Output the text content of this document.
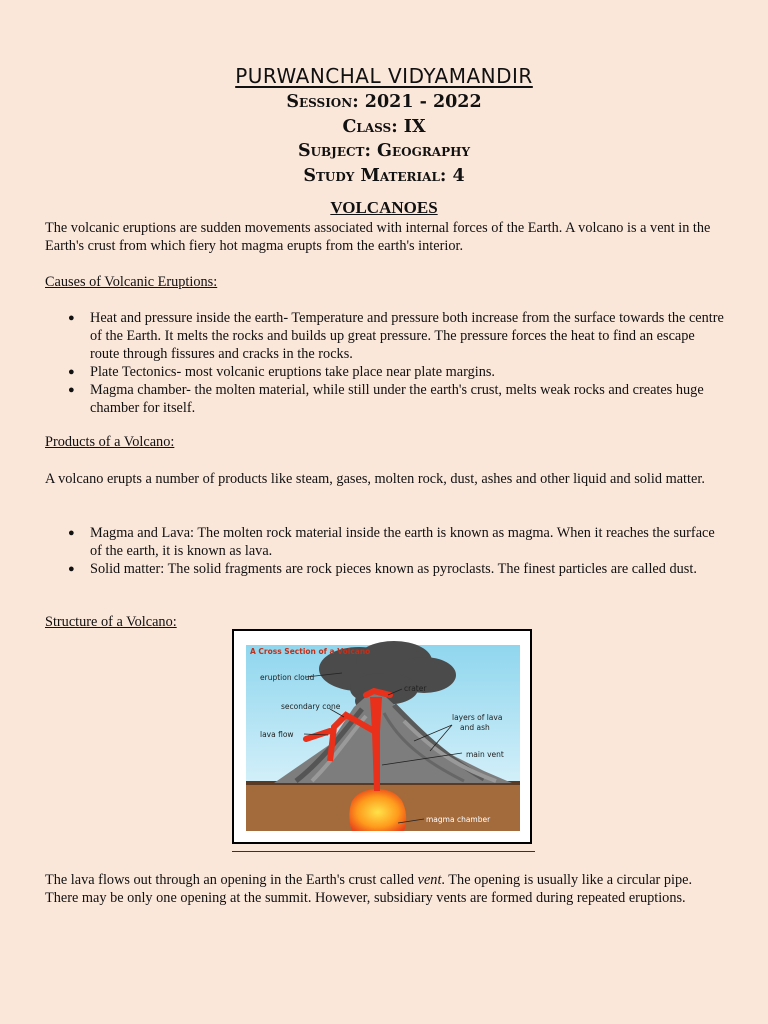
PURWANCHAL VIDYAMANDIR
Session: 2021 - 2022
Class: IX
Subject: Geography
Study Material: 4
VOLCANOES

The volcanic eruptions are sudden movements associated with internal forces of the Earth. A volcano is a vent in the Earth's crust from which fiery hot magma erupts from the earth's interior.

Causes of Volcanic Eruptions:

● Heat and pressure inside the earth- Temperature and pressure both increase from the surface towards the centre of the Earth. It melts the rocks and builds up great pressure. The pressure forces the heat to find an escape route through fissures and cracks in the rocks.
● Plate Tectonics- most volcanic eruptions take place near plate margins.
● Magma chamber- the molten material, while still under the earth's crust, melts weak rocks and creates huge chamber for itself.

Products of a Volcano:

A volcano erupts a number of products like steam, gases, molten rock, dust, ashes and other liquid and solid matter.

● Magma and Lava: The molten rock material inside the earth is known as magma. When it reaches the surface of the earth, it is known as lava.
● Solid matter: The solid fragments are rock pieces known as pyroclasts. The finest particles are called dust.

Structure of a Volcano:

A Cross Section of a Volcano
eruption cloud
crater
secondary cone
layers of lava
and ash
lava flow
main vent
magma chamber

The lava flows out through an opening in the Earth's crust called vent. The opening is usually like a circular pipe. There may be only one opening at the summit. However, subsidiary vents are formed during repeated eruptions.
